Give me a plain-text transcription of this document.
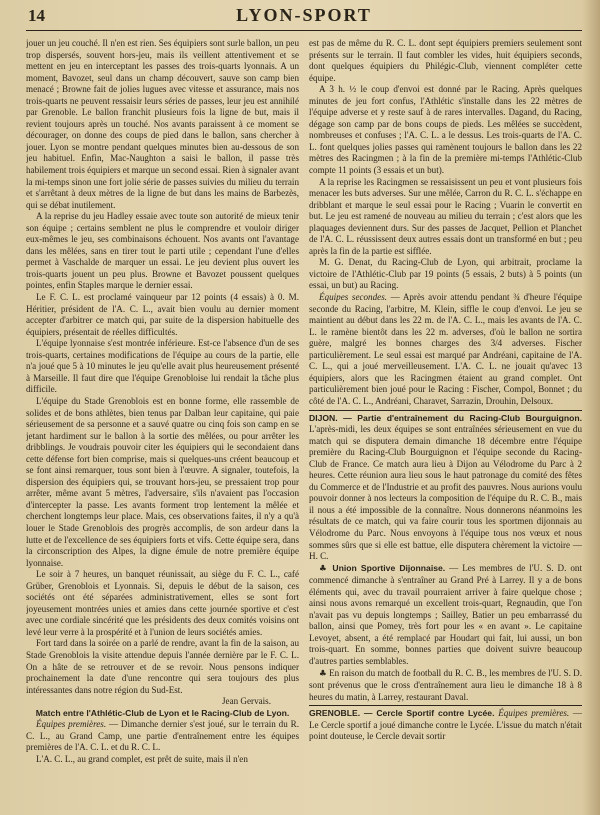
14	LYON-SPORT

jouer un jeu couché. Il n'en est rien. Ses équipiers sont surle ballon, un peu trop dispersés, souvent hors-jeu, mais ils veillent attentivement et se mettent en jeu en interceptant les passes des trois-quarts lyonnais. A un moment, Bavozet, seul dans un champ découvert, sauve son camp bien menacé ; Browne fait de jolies lugues avec vitesse et assurance, mais nos trois-quarts ne peuvent ressaisir leurs séries de passes, leur jeu est annihilé par Grenoble. Le ballon franchit plusieurs fois la ligne de but, mais il revient toujours après un touché. Nos avants paraissent à ce moment se décourager, on donne des coups de pied dans le ballon, sans chercher à jouer. Lyon se montre pendant quelques minutes bien au-dessous de son jeu habituel. Enfin, Mac-Naughton a saisi le ballon, il passe très habilement trois équipiers et marque un second essai. Rien à signaler avant la mi-temps sinon une fort jolie série de passes suivies du milieu du terrain et s'arrêtant à deux mètres de la ligne de but dans les mains de Barbezès, qui se débat inutilement.

A la reprise du jeu Hadley essaie avec toute son autorité de mieux tenir son équipe ; certains semblent ne plus le comprendre et vouloir diriger eux-mêmes le jeu, ses combinaisons échouent. Nos avants ont l'avantage dans les mêlées, sans en tirer tout le parti utile ; cependant l'une d'elles permet à Vaschalde de marquer un essai. Le jeu devient plus ouvert les trois-quarts jouent un peu plus. Browne et Bavozet poussent quelques pointes, enfin Staples marque le dernier essai.

Le F. C. L. est proclamé vainqueur par 12 points (4 essais) à 0. M. Héritier, président de l'A. C. L., avait bien voulu au dernier moment accepter d'arbitrer ce match qui, par suite de la dispersion habituelle des équipiers, présentait de réelles difficultés.

L'équipe lyonnaise s'est montrée inférieure. Est-ce l'absence d'un de ses trois-quarts, certaines modifications de l'équipe au cours de la partie, elle n'a joué que 5 à 10 minutes le jeu qu'elle avait plus heureusement présenté à Marseille. Il faut dire que l'équipe Grenobloise lui rendait la tâche plus difficile.

L'équipe du Stade Grenoblois est en bonne forme, elle rassemble de solides et de bons athlètes, bien tenus par Dalban leur capitaine, qui paie sérieusement de sa personne et a sauvé quatre ou cinq fois son camp en se jetant hardiment sur le ballon à la sortie des mêlées, ou pour arrêter les dribblings. Je voudrais pouvoir citer les équipiers qui le secondaient dans cette défense fort bien comprise, mais si quelques-uns créent beaucoup et se font ainsi remarquer, tous sont bien à l'œuvre. A signaler, toutefois, la dispersion des équipiers qui, se trouvant hors-jeu, se pressaient trop pour arrêter, même avant 5 mètres, l'adversaire, s'ils n'avaient pas l'occasion d'intercepter la passe. Les avants forment trop lentement la mêlée et cherchent longtemps leur place. Mais, ces observations faites, il n'y a qu'à louer le Stade Grenoblois des progrès accomplis, de son ardeur dans la lutte et de l'excellence de ses équipiers forts et vifs. Cette équipe sera, dans la circonscription des Alpes, la digne émule de notre première équipe lyonnaise.

Le soir à 7 heures, un banquet réunissait, au siège du F. C. L., café Grüber, Grenoblois et Lyonnais. Si, depuis le début de la saison, ces sociétés ont été séparées administrativement, elles se sont fort joyeusement montrées unies et amies dans cette journée sportive et c'est avec une cordiale sincérité que les présidents des deux comités voisins ont levé leur verre à la prospérité et à l'union de leurs sociétés amies.

Fort tard dans la soirée on a parlé de rendre, avant la fin de la saison, au Stade Grenoblois la visite attendue depuis l'année dernière par le F. C. L. On a hâte de se retrouver et de se revoir. Nous pensons indiquer prochainement la date d'une rencontre qui sera toujours des plus intéressantes dans notre région du Sud-Est.

Jean Gervais.

Match entre l'Athlétic-Club de Lyon et le Racing-Club de Lyon.

Équipes premières. — Dimanche dernier s'est joué, sur le terrain du R. C. L., au Grand Camp, une partie d'entraînement entre les équipes premières de l'A. C. L. et du R. C. L.

L'A. C. L., au grand complet, est prêt de suite, mais il n'en

est pas de même du R. C. L. dont sept équipiers premiers seulement sont présents sur le terrain. Il faut combler les vides, huit équipiers seconds, dont quelques équipiers du Philégic-Club, viennent compléter cette équipe.

A 3 h. ½ le coup d'envoi est donné par le Racing. Après quelques minutes de jeu fort confus, l'Athlétic s'installe dans les 22 mètres de l'équipe adverse et y reste sauf à de rares intervalles. Dagand, du Racing, dégage son camp par de bons coups de pieds. Les mêlées se succèdent, nombreuses et confuses ; l'A. C. L. a le dessus. Les trois-quarts de l'A. C. L. font quelques jolies passes qui ramènent toujours le ballon dans les 22 mètres des Racingmen ; à la fin de la première mi-temps l'Athlétic-Club compte 11 points (3 essais et un but).

A la reprise les Racingmen se ressaisissent un peu et vont plusieurs fois menacer les buts adverses. Sur une mêlée, Carron du R. C. L. s'échappe en dribblant et marque le seul essai pour le Racing ; Vuarin le convertit en but. Le jeu est ramené de nouveau au milieu du terrain ; c'est alors que les plaquages deviennent durs. Sur des passes de Jacquet, Pellion et Planchet de l'A. C. L. réussissent deux autres essais dont un transformé en but ; peu après la fin de la partie est sifflée.

M. G. Denat, du Racing-Club de Lyon, qui arbitrait, proclame la victoire de l'Athlétic-Club par 19 points (5 essais, 2 buts) à 5 points (un essai, un but) au Racing.

Équipes secondes. — Après avoir attendu pendant ¾ d'heure l'équipe seconde du Racing, l'arbitre, M. Klein, siffle le coup d'envoi. Le jeu se maintient au début dans les 22 m. de l'A. C. L., mais les avants de l'A. C. L. le ramène bientôt dans les 22 m. adverses, d'où le ballon ne sortira guère, malgré les bonnes charges des 3/4 adverses. Fischer particulièrement. Le seul essai est marqué par Andréani, capitaine de l'A. C. L., qui a joué merveilleusement. L'A. C. L. ne jouait qu'avec 13 équipiers, alors que les Racingmen étaient au grand complet. Ont particulièrement bien joué pour le Racing : Fischer, Compol, Bonnet ; du côté de l'A. C. L., Andréani, Charavet, Sarrazin, Drouhin, Delsoux.

DIJON. — Partie d'entraînement du Racing-Club Bourguignon. L'après-midi, les deux équipes se sont entraînées sérieusement en vue du match qui se disputera demain dimanche 18 décembre entre l'équipe première du Racing-Club Bourguignon et l'équipe seconde du Racing-Club de France. Ce match aura lieu à Dijon au Vélodrome du Parc à 2 heures. Cette réunion aura lieu sous le haut patronage du comité des fêtes du Commerce et de l'Industrie et au profit des pauvres. Nous aurions voulu pouvoir donner à nos lecteurs la composition de l'équipe du R. C. B., mais il nous a été impossible de la connaître. Nous donnerons néanmoins les résultats de ce match, qui va faire courir tous les sportmen dijonnais au Vélodrome du Parc. Nous envoyons à l'équipe tous nos vœux et nous sommes sûrs que si elle est battue, elle disputera chèrement la victoire — H. C.

♣ Union Sportive Dijonnaise. — Les membres de l'U. S. D. ont commencé dimanche à s'entraîner au Grand Pré à Larrey. Il y a de bons éléments qui, avec du travail pourraient arriver à faire quelque chose ; ainsi nous avons remarqué un excellent trois-quart, Regnaudin, que l'on n'avait pas vu depuis longtemps ; Sailley, Batier un peu embarrassé du ballon, ainsi que Pomey, très fort pour les « en avant ». Le capitaine Levoyet, absent, a été remplacé par Houdart qui fait, lui aussi, un bon trois-quart. En somme, bonnes parties que doivent suivre beaucoup d'autres parties semblables.

♣ En raison du match de football du R. C. B., les membres de l'U. S. D. sont prévenus que le cross d'entraînement aura lieu le dimanche 18 à 8 heures du matin, à Larrey, restaurant Daval.

GRENOBLE. — Cercle Sportif contre Lycée. Équipes premières. — Le Cercle sportif a joué dimanche contre le Lycée. L'issue du match n'était point douteuse, le Cercle devait sortir
